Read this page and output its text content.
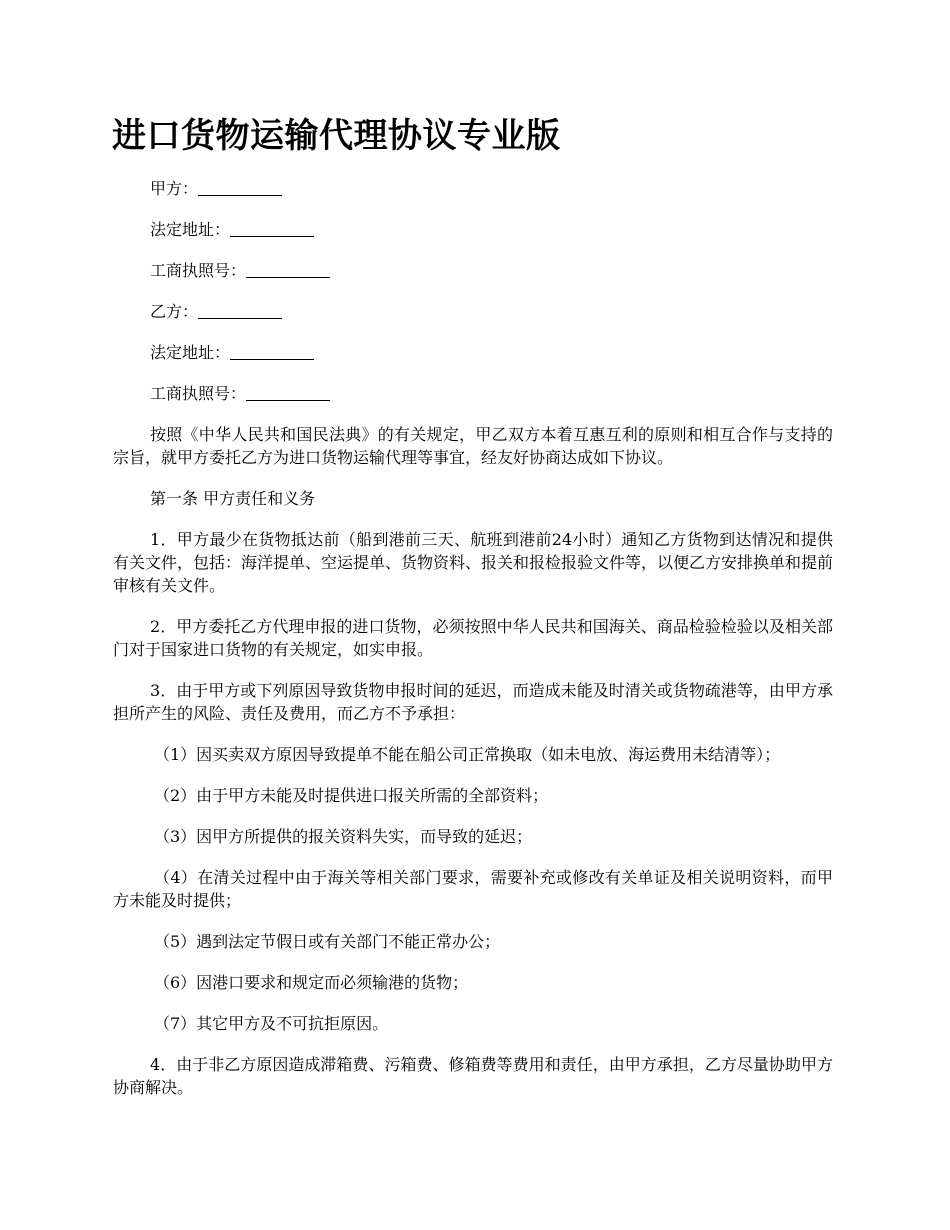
进口货物运输代理协议专业版

甲方：

法定地址：

工商执照号：

乙方：

法定地址：

工商执照号：

按照《中华人民共和国民法典》的有关规定，甲乙双方本着互惠互利的原则和相互合作与支持的宗旨，就甲方委托乙方为进口货物运输代理等事宜，经友好协商达成如下协议。

第一条 甲方责任和义务

1．甲方最少在货物抵达前（船到港前三天、航班到港前24小时）通知乙方货物到达情况和提供有关文件，包括：海洋提单、空运提单、货物资料、报关和报检报验文件等，以便乙方安排换单和提前审核有关文件。

2．甲方委托乙方代理申报的进口货物，必须按照中华人民共和国海关、商品检验检验以及相关部门对于国家进口货物的有关规定，如实申报。

3．由于甲方或下列原因导致货物申报时间的延迟，而造成未能及时清关或货物疏港等，由甲方承担所产生的风险、责任及费用，而乙方不予承担：

（1）因买卖双方原因导致提单不能在船公司正常换取（如未电放、海运费用未结清等）；

（2）由于甲方未能及时提供进口报关所需的全部资料；

（3）因甲方所提供的报关资料失实，而导致的延迟；

（4）在清关过程中由于海关等相关部门要求，需要补充或修改有关单证及相关说明资料，而甲方未能及时提供；

（5）遇到法定节假日或有关部门不能正常办公；

（6）因港口要求和规定而必须输港的货物；

（7）其它甲方及不可抗拒原因。

4．由于非乙方原因造成滞箱费、污箱费、修箱费等费用和责任，由甲方承担，乙方尽量协助甲方协商解决。
